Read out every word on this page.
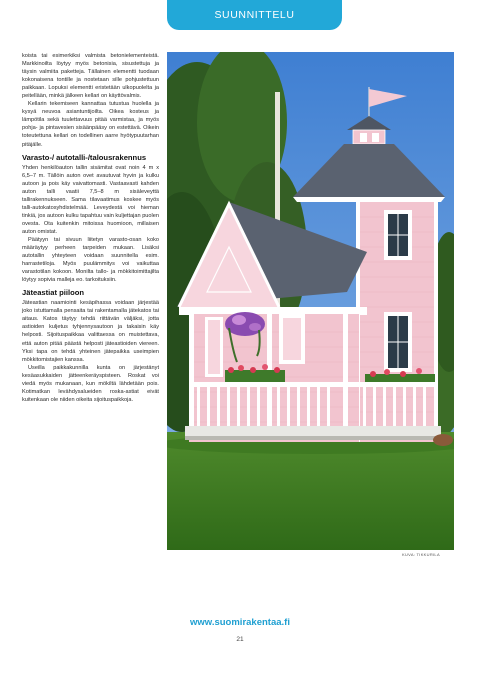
SUUNNITTELU

koista tai esimerkiksi valmista betonielementeistä. Markkinoilta löytyy myös betonisia, sisustettuja ja täysin valmiita paketteja. Tällainen elementti tuodaan kokonaisena tontille ja nostetaan sille pohjustettuun paikkaan. Lopuksi elementti eristetään ulkopuolelta ja peitellään, minkä jälkeen kellari on käyttövalmis.

Kellarin tekemiseen kannattaa tutustua huolella ja kysyä neuvoa asiantuntijoilta. Oikea kosteus ja lämpötila sekä tuulettavuus pitää varmistaa, ja myös pohja- ja pintavesien sisäänpääsy on estettävä. Oikein toteutettuna kellari on todellinen aarre hyötypuutarhan pitäjälle.

Varasto-/ autotalli-/talousrakennus

Yhden henkilöauton tallin sisämitat ovat noin 4 m x 6,5–7 m. Tällöin auton ovet avautuvat hyvin ja kulku autoon ja pois käy vaivattomasti. Vastaavasti kahden auton talli vaatii 7,5–8 m sisäleveyttä tallirakennukseen. Sama tilavaatimus koskee myös talli-autokatosyhdistelmää. Leveydestä voi hieman tinkiä, jos autoon kulku tapahtuu vain kuljettajan puolen ovesta. Ota kuitenkin mitoissa huomioon, millaisen auton omistat.

Päätyyn tai sivuun liitetyn varasto-osan koko määräytyy perheen tarpeiden mukaan. Lisäksi autotallin yhteyteen voidaan suunnitella esim. harrastetiloja. Myös puulämmitys voi vaikuttaa varastotilan kokoon. Monilta tallo- ja mökkitoimittajilta löytyy sopivia malleja eo. tarkoituksiin.

Jäteastiat piiloon

Jäteastian naamiointi kesäpihassa voidaan järjestää joko istuttamalla pensaita tai rakentamalla jätekatos tai aitaus. Katos täytyy tehdä riittävän väljäksi, jotta astioiden kuljetus tyhjennysautoon ja takaisin käy helposti. Sijoituspaikkaa valittaessa on muistettava, että auton pitää päästä helposti jäteastioiden viereen. Yksi tapa on tehdä yhteinen jätepaikka useimpien mökkitomistajien kanssa.

Useilla paikkakunnilla kunta on järjestänyt kesäasukkaiden jätteenkeräyspisteen. Roskat voi viedä myös mukanaan, kun mökiltä lähdetään pois. Kotimatkan levähdysalueiden roska-astiat eivät kuitenkaan ole niiden oikeita sijoituspaikkoja.

KUVA: TIKKURILA
www.suomirakentaa.fi
21
